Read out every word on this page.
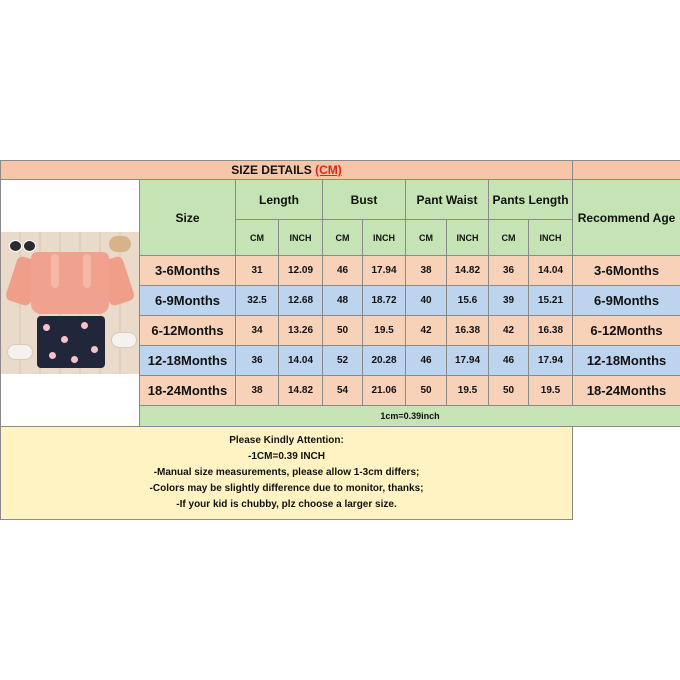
SIZE DETAILS (CM)										

	Size	Length		Bust		Pant Waist		Pants Length		Recommend Age
		CM	INCH	CM	INCH	CM	INCH	CM	INCH	
	3-6Months	31	12.09	46	17.94	38	14.82	36	14.04	3-6Months
	6-9Months	32.5	12.68	48	18.72	40	15.6	39	15.21	6-9Months
	6-12Months	34	13.26	50	19.5	42	16.38	42	16.38	6-12Months
	12-18Months	36	14.04	52	20.28	46	17.94	46	17.94	12-18Months
	18-24Months	38	14.82	54	21.06	50	19.5	50	19.5	18-24Months
	1cm=0.39inch									

Please Kindly Attention:
-1CM=0.39 INCH
-Manual size measurements, please allow 1-3cm differs;
-Colors may be slightly difference due to monitor, thanks;
-If your kid is chubby, plz choose a larger size.										
